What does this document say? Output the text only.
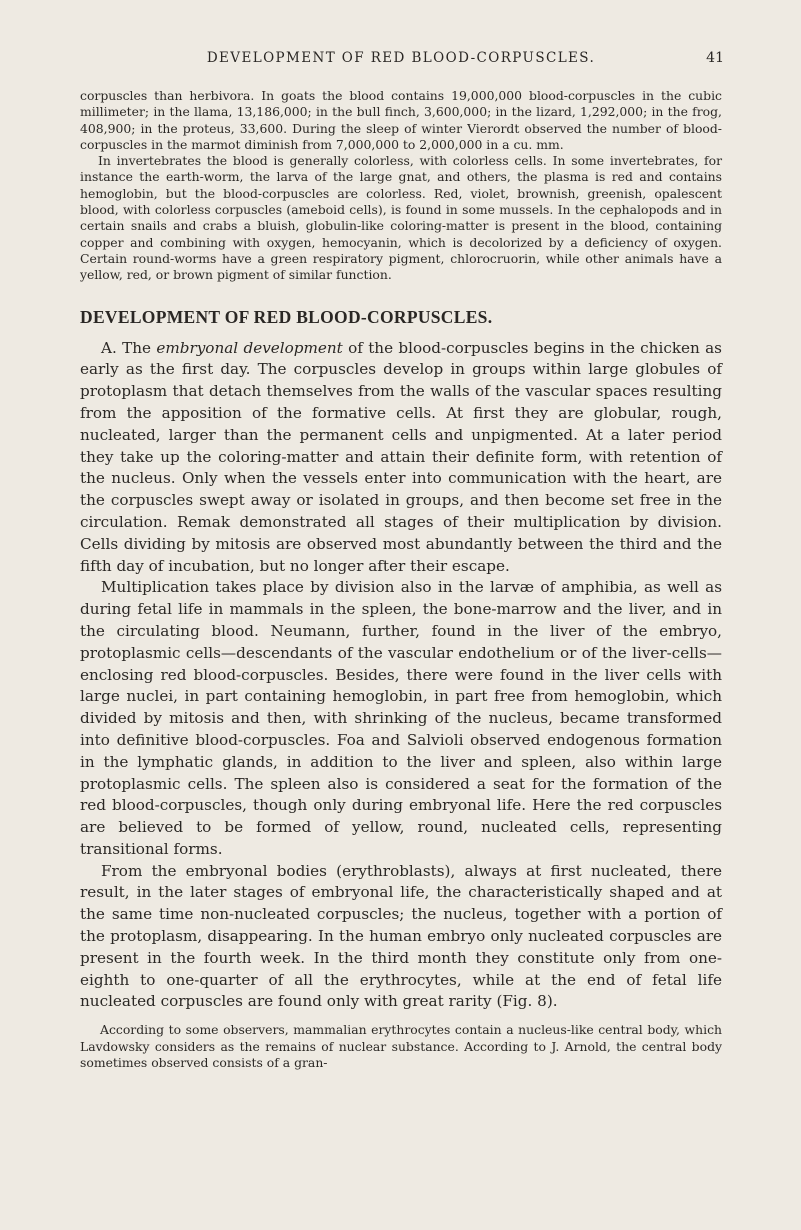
DEVELOPMENT OF RED BLOOD-CORPUSCLES.	41

corpuscles than herbivora. In goats the blood contains 19,000,000 blood-corpuscles in the cubic millimeter; in the llama, 13,186,000; in the bull finch, 3,600,000; in the lizard, 1,292,000; in the frog, 408,900; in the proteus, 33,600. During the sleep of winter Vierordt observed the number of blood-corpuscles in the marmot diminish from 7,000,000 to 2,000,000 in a cu. mm.

In invertebrates the blood is generally colorless, with colorless cells. In some invertebrates, for instance the earth-worm, the larva of the large gnat, and others, the plasma is red and contains hemoglobin, but the blood-corpuscles are colorless. Red, violet, brownish, greenish, opalescent blood, with colorless corpuscles (ameboid cells), is found in some mussels. In the cephalopods and in certain snails and crabs a bluish, globulin-like coloring-matter is present in the blood, containing copper and combining with oxygen, hemocyanin, which is decolorized by a deficiency of oxygen. Certain round-worms have a green respiratory pigment, chlorocruorin, while other animals have a yellow, red, or brown pigment of similar function.

DEVELOPMENT OF RED BLOOD-CORPUSCLES.

A. The embryonal development of the blood-corpuscles begins in the chicken as early as the first day. The corpuscles develop in groups within large globules of protoplasm that detach themselves from the walls of the vascular spaces resulting from the apposition of the formative cells. At first they are globular, rough, nucleated, larger than the permanent cells and unpigmented. At a later period they take up the coloring-matter and attain their definite form, with retention of the nucleus. Only when the vessels enter into communication with the heart, are the corpuscles swept away or isolated in groups, and then become set free in the circulation. Remak demonstrated all stages of their multiplication by division. Cells dividing by mitosis are observed most abundantly between the third and the fifth day of incubation, but no longer after their escape.

Multiplication takes place by division also in the larvæ of amphibia, as well as during fetal life in mammals in the spleen, the bone-marrow and the liver, and in the circulating blood. Neumann, further, found in the liver of the embryo, protoplasmic cells—descendants of the vascular endothelium or of the liver-cells—enclosing red blood-corpuscles. Besides, there were found in the liver cells with large nuclei, in part containing hemoglobin, in part free from hemoglobin, which divided by mitosis and then, with shrinking of the nucleus, became transformed into definitive blood-corpuscles. Foa and Salvioli observed endogenous formation in the lymphatic glands, in addition to the liver and spleen, also within large protoplasmic cells. The spleen also is considered a seat for the formation of the red blood-corpuscles, though only during embryonal life. Here the red corpuscles are believed to be formed of yellow, round, nucleated cells, representing transitional forms.

From the embryonal bodies (erythroblasts), always at first nucleated, there result, in the later stages of embryonal life, the characteristically shaped and at the same time non-nucleated corpuscles; the nucleus, together with a portion of the protoplasm, disappearing. In the human embryo only nucleated corpuscles are present in the fourth week. In the third month they constitute only from one-eighth to one-quarter of all the erythrocytes, while at the end of fetal life nucleated corpuscles are found only with great rarity (Fig. 8).

According to some observers, mammalian erythrocytes contain a nucleus-like central body, which Lavdowsky considers as the remains of nuclear substance. According to J. Arnold, the central body sometimes observed consists of a gran-
